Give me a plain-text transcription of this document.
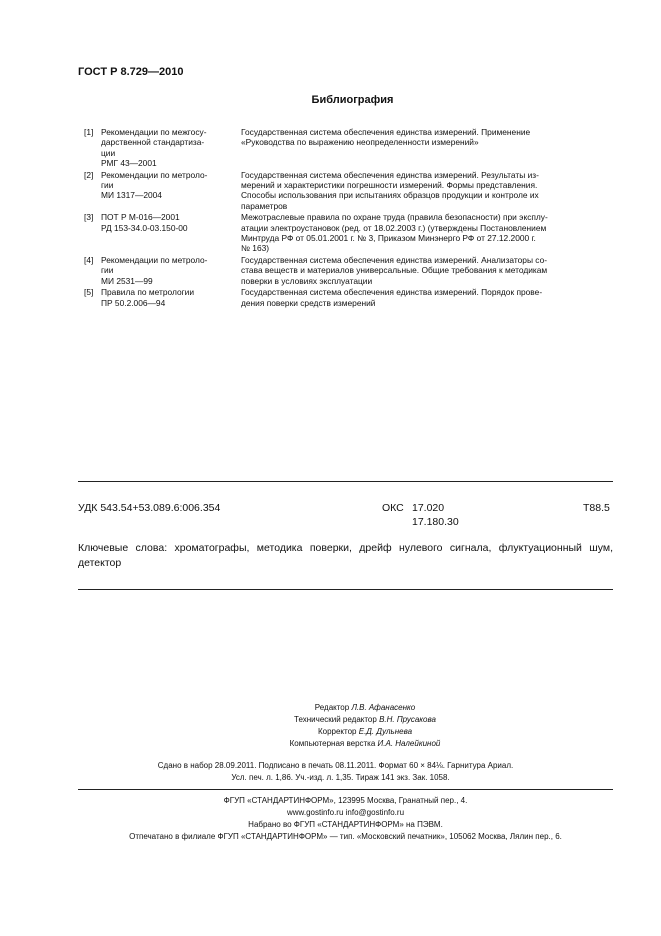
ГОСТ Р 8.729—2010
Библиография
[1] Рекомендации по межгосу-
дарственной стандартиза-
ции
РМГ 43—2001

Государственная система обеспечения единства измерений. Применение

«Руководства по выражению неопределенности измерений»

[2] Рекомендации по метроло-
гии
МИ 1317—2004

Государственная система обеспечения единства измерений. Результаты из-

мерений и характеристики погрешности измерений. Формы представления.

Способы использования при испытаниях образцов продукции и контроле их

параметров

[3] ПОТ Р М-016—2001
РД 153-34.0-03.150-00

Межотраслевые правила по охране труда (правила безопасности) при эксплу-

атации электроустановок (ред. от 18.02.2003 г.) (утверждены Постановлением

Минтруда РФ от 05.01.2001 г. № 3, Приказом Минэнерго РФ от 27.12.2000 г.

№ 163)

[4] Рекомендации по метроло-
гии
МИ 2531—99

Государственная система обеспечения единства измерений. Анализаторы со-

става веществ и материалов универсальные. Общие требования к методикам

поверки в условиях эксплуатации

[5] Правила по метрологии
ПР 50.2.006—94

Государственная система обеспечения единства измерений. Порядок прове-

дения поверки средств измерений

УДК 543.54+53.089.6:006.354	ОКС 17.020
17.180.30
Т88.5
Ключевые слова: хроматографы, методика поверки, дрейф нулевого сигнала, флуктуационный шум, детектор
Редактор Л.В. Афанасенко
Технический редактор В.Н. Прусакова
Корректор Е.Д. Дульнева
Компьютерная верстка И.А. Налейкиной
Сдано в набор 28.09.2011. Подписано в печать 08.11.2011. Формат 60 × 84⅛. Гарнитура Ариал.
Усл. печ. л. 1,86. Уч.-изд. л. 1,35. Тираж 141 экз. Зак. 1058.
ФГУП «СТАНДАРТИНФОРМ», 123995 Москва, Гранатный пер., 4.
www.gostinfo.ru info@gostinfo.ru
Набрано во ФГУП «СТАНДАРТИНФОРМ» на ПЭВМ.
Отпечатано в филиале ФГУП «СТАНДАРТИНФОРМ» — тип. «Московский печатник», 105062 Москва, Лялин пер., 6.
